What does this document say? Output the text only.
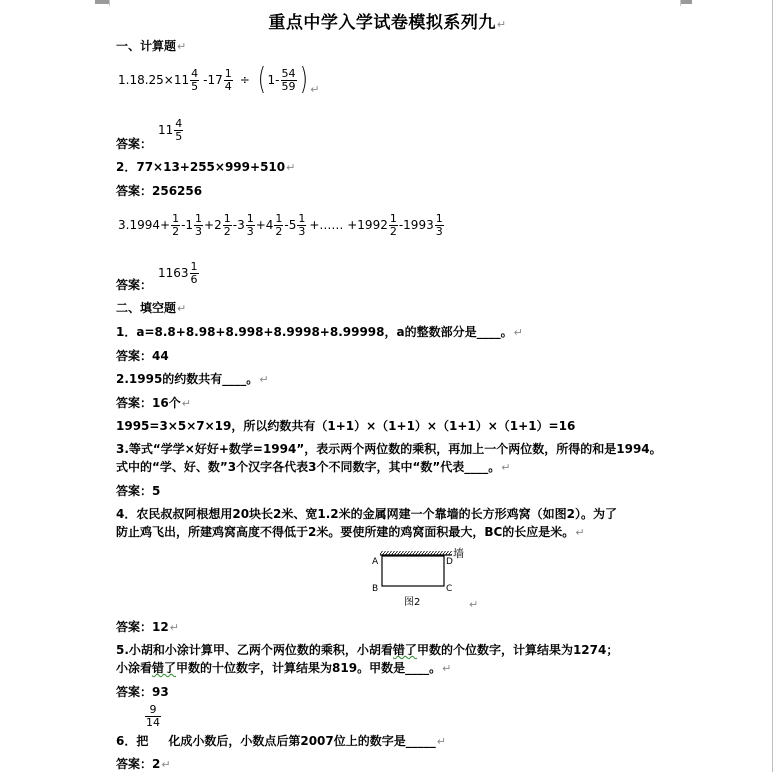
重点中学入学试卷模拟系列九↵
一、计算题↵
$1.18.25\times 11 \frac{4}{5} -17 \frac{1}{4}$ ÷ ( $1- \frac{54}{59}$ ) ↵
答案：
$11 \frac{4}{5}$
2．77×13+255×999+510↵
答案：256256
$3.1994 + \frac{1}{2} -1 \frac{1}{3} +2 \frac{1}{2} -3 \frac{1}{3} +4 \frac{1}{2} -5 \frac{1}{3}$ +…… $+1992 \frac{1}{2} -1993 \frac{1}{3}$
答案：
$1163 \frac{1}{6}$
二、填空题↵
1．a=8.8+8.98+8.998+8.9998+8.99998，a的整数部分是____。↵
答案：44
2.1995的约数共有____。↵
答案：16个↵
1995=3×5×7×19，所以约数共有（1+1）×（1+1）×（1+1）×（1+1）=16
3.等式“学学×好好+数学=1994”，表示两个两位数的乘积，再加上一个两位数，所得的和是1994。
式中的“学、好、数”3个汉字各代表3个不同数字，其中“数”代表____。↵
答案：5
4．农民叔叔阿根想用20块长2米、宽1.2米的金属网建一个靠墙的长方形鸡窝（如图2）。为了
防止鸡飞出，所建鸡窝高度不得低于2米。要使所建的鸡窝面积最大，BC的长应是米。↵
墙
A	D
B	C
图2	↵
答案：12↵
5.小胡和小涂计算甲、乙两个两位数的乘积，小胡看错了甲数的个位数字，计算结果为1274；
小涂看错了甲数的十位数字，计算结果为819。甲数是____。↵
答案：93
$\frac{9}{14}$
6．把 化成小数后，小数点后第2007位上的数字是_____↵
答案：2↵
